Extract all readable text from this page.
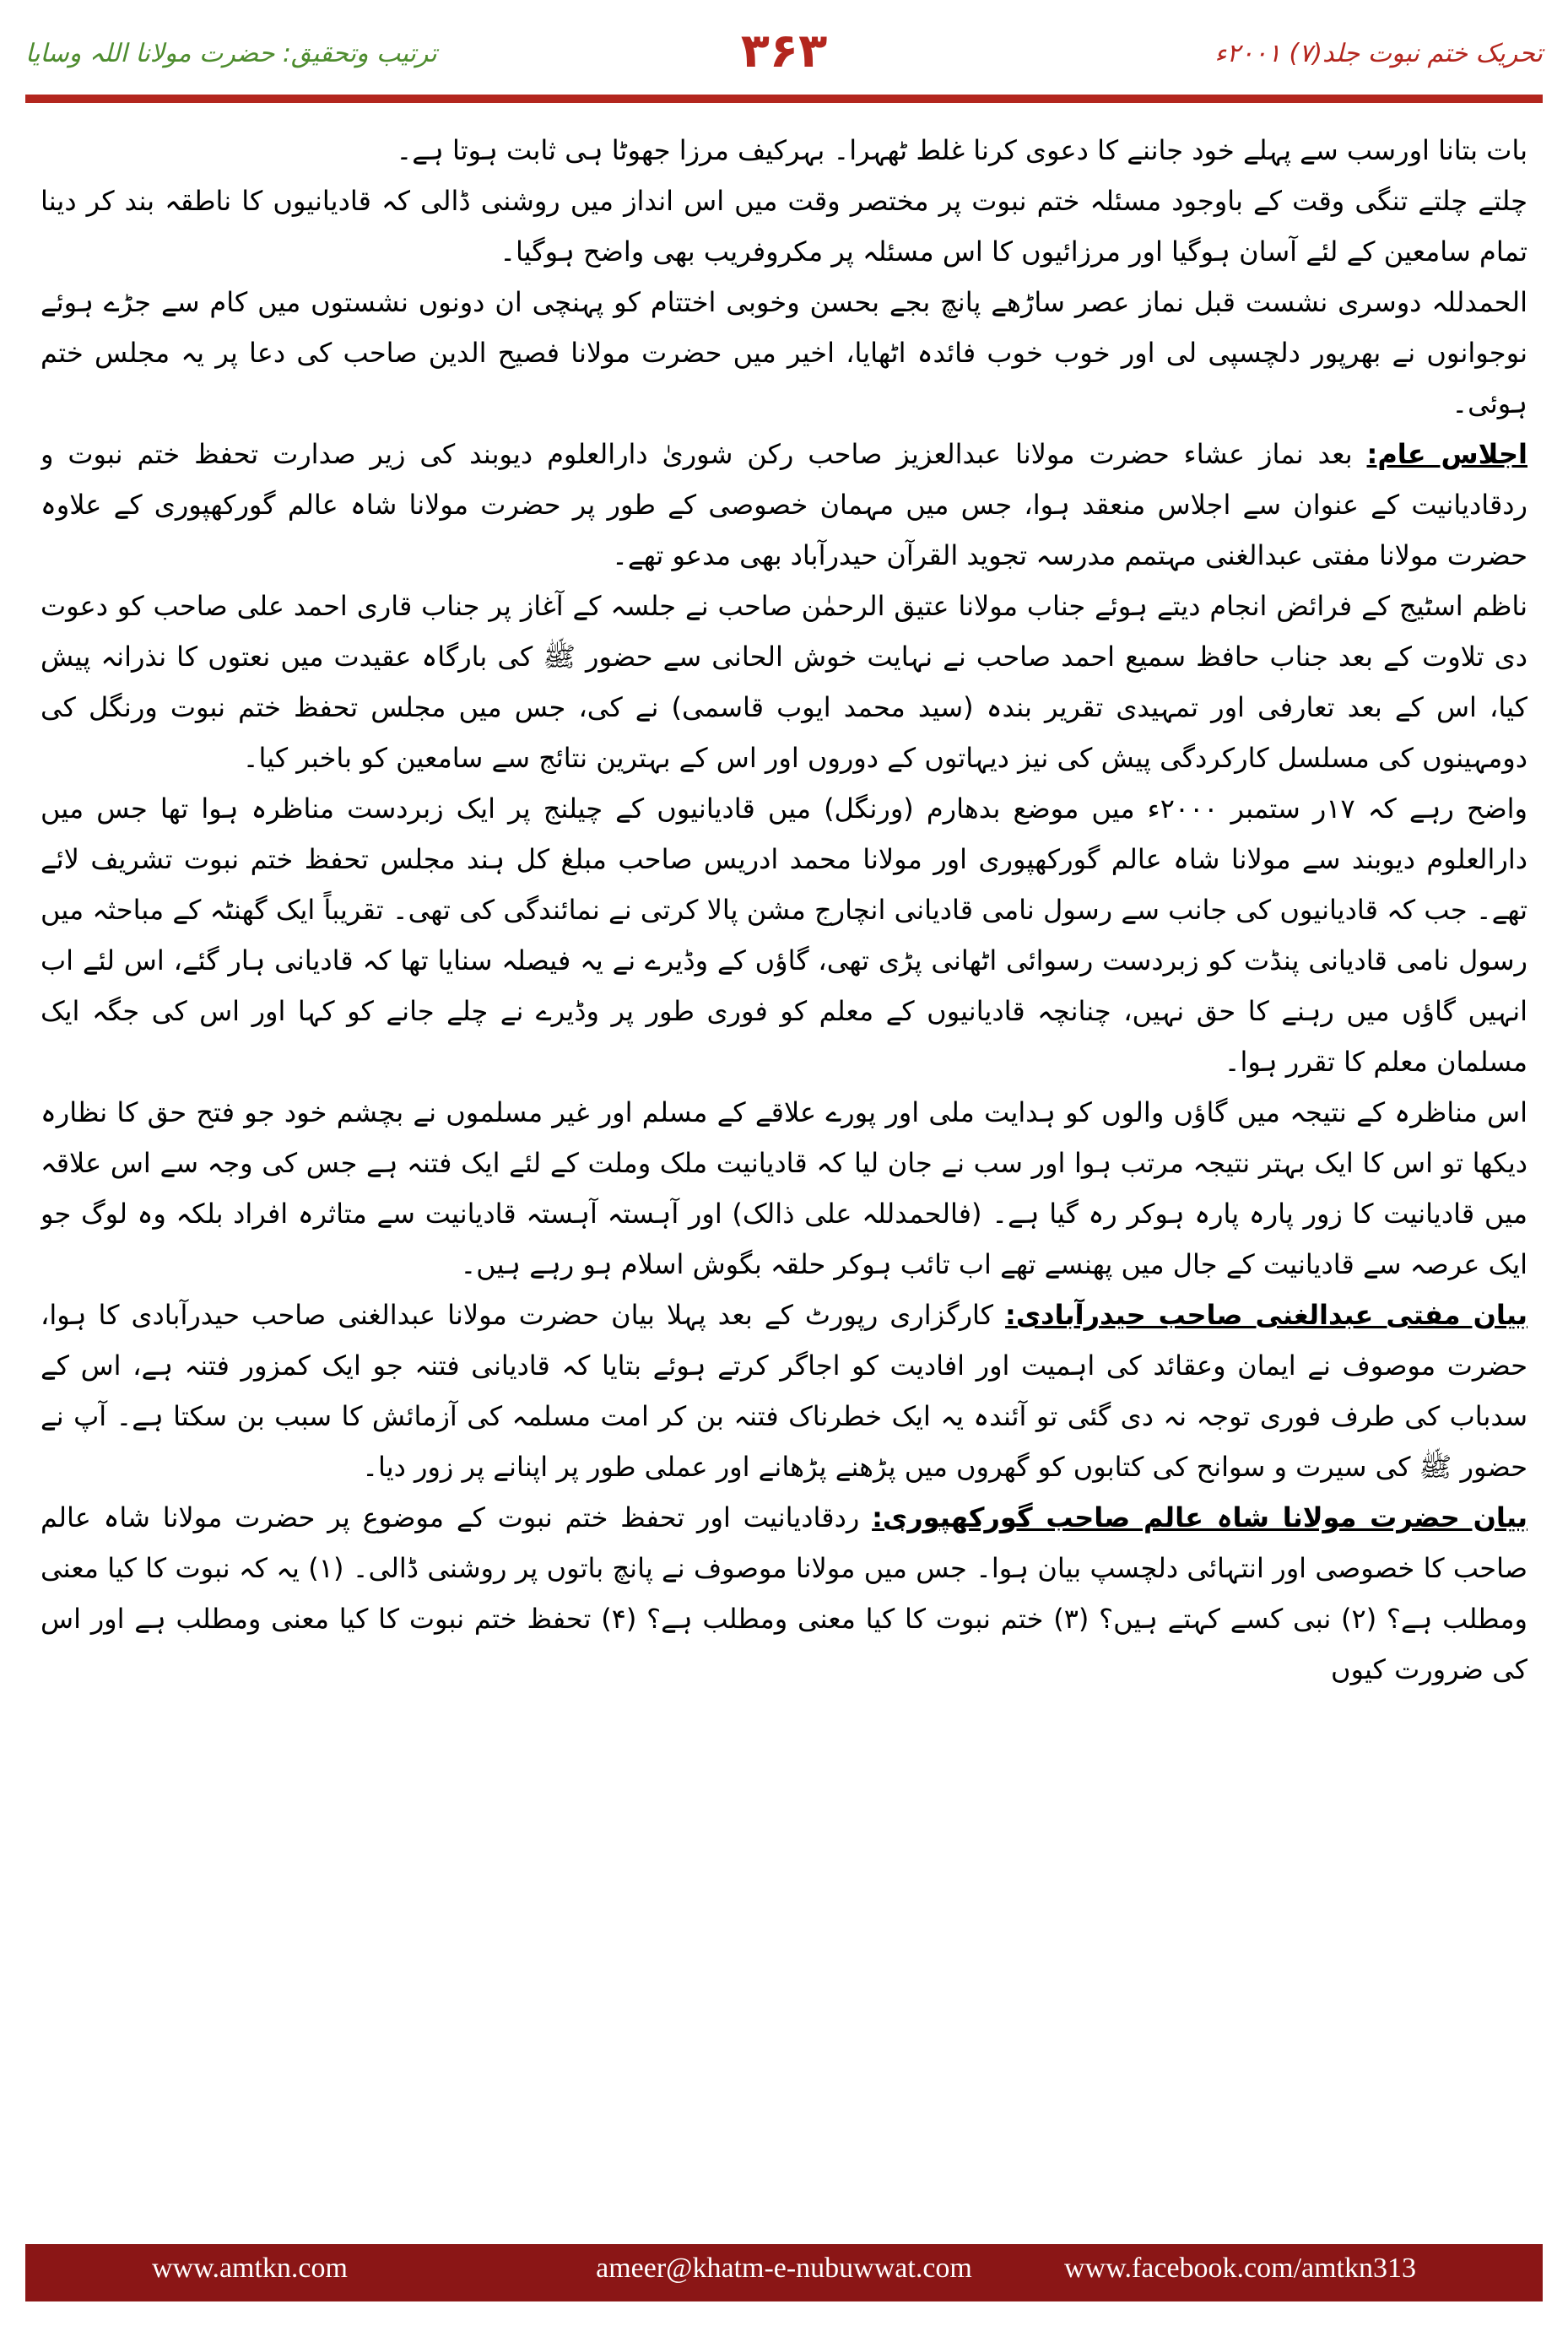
ترتیب وتحقیق: حضرت مولانا اللہ وسایا	۳۶۳	تحریک ختم نبوت جلد(۷) ۲۰۰۱ء

بات بتانا اورسب سے پہلے خود جاننے کا دعوی کرنا غلط ٹھہرا۔ بہرکیف مرزا جھوٹا ہی ثابت ہوتا ہے۔

چلتے چلتے تنگی وقت کے باوجود مسئلہ ختم نبوت پر مختصر وقت میں اس انداز میں روشنی ڈالی کہ قادیانیوں کا ناطقہ بند کر دینا تمام سامعین کے لئے آسان ہوگیا اور مرزائیوں کا اس مسئلہ پر مکروفریب بھی واضح ہوگیا۔

الحمدللہ دوسری نشست قبل نماز عصر ساڑھے پانچ بجے بحسن وخوبی اختتام کو پہنچی ان دونوں نشستوں میں کام سے جڑے ہوئے نوجوانوں نے بھرپور دلچسپی لی اور خوب خوب فائدہ اٹھایا، اخیر میں حضرت مولانا فصیح الدین صاحب کی دعا پر یہ مجلس ختم ہوئی۔

اجلاس عام: بعد نماز عشاء حضرت مولانا عبدالعزیز صاحب رکن شوریٰ دارالعلوم دیوبند کی زیر صدارت تحفظ ختم نبوت و ردقادیانیت کے عنوان سے اجلاس منعقد ہوا، جس میں مہمان خصوصی کے طور پر حضرت مولانا شاہ عالم گورکھپوری کے علاوہ حضرت مولانا مفتی عبدالغنی مہتمم مدرسہ تجوید القرآن حیدرآباد بھی مدعو تھے۔

ناظم اسٹیج کے فرائض انجام دیتے ہوئے جناب مولانا عتیق الرحمٰن صاحب نے جلسہ کے آغاز پر جناب قاری احمد علی صاحب کو دعوت دی تلاوت کے بعد جناب حافظ سمیع احمد صاحب نے نہایت خوش الحانی سے حضور ﷺ کی بارگاہ عقیدت میں نعتوں کا نذرانہ پیش کیا، اس کے بعد تعارفی اور تمہیدی تقریر بندہ (سید محمد ایوب قاسمی) نے کی، جس میں مجلس تحفظ ختم نبوت ورنگل کی دومہینوں کی مسلسل کارکردگی پیش کی نیز دیہاتوں کے دوروں اور اس کے بہترین نتائج سے سامعین کو باخبر کیا۔

واضح رہے کہ ۱۷ر ستمبر ۲۰۰۰ء میں موضع بدھارم (ورنگل) میں قادیانیوں کے چیلنج پر ایک زبردست مناظرہ ہوا تھا جس میں دارالعلوم دیوبند سے مولانا شاہ عالم گورکھپوری اور مولانا محمد ادریس صاحب مبلغ کل ہند مجلس تحفظ ختم نبوت تشریف لائے تھے۔ جب کہ قادیانیوں کی جانب سے رسول نامی قادیانی انچارج مشن پالا کرتی نے نمائندگی کی تھی۔ تقریباً ایک گھنٹہ کے مباحثہ میں رسول نامی قادیانی پنڈت کو زبردست رسوائی اٹھانی پڑی تھی، گاؤں کے وڈیرے نے یہ فیصلہ سنایا تھا کہ قادیانی ہار گئے، اس لئے اب انہیں گاؤں میں رہنے کا حق نہیں، چنانچہ قادیانیوں کے معلم کو فوری طور پر وڈیرے نے چلے جانے کو کہا اور اس کی جگہ ایک مسلمان معلم کا تقرر ہوا۔

اس مناظرہ کے نتیجہ میں گاؤں والوں کو ہدایت ملی اور پورے علاقے کے مسلم اور غیر مسلموں نے بچشم خود جو فتح حق کا نظارہ دیکھا تو اس کا ایک بہتر نتیجہ مرتب ہوا اور سب نے جان لیا کہ قادیانیت ملک وملت کے لئے ایک فتنہ ہے جس کی وجہ سے اس علاقہ میں قادیانیت کا زور پارہ پارہ ہوکر رہ گیا ہے۔ (فالحمدللہ علی ذالک) اور آہستہ آہستہ قادیانیت سے متاثرہ افراد بلکہ وہ لوگ جو ایک عرصہ سے قادیانیت کے جال میں پھنسے تھے اب تائب ہوکر حلقہ بگوش اسلام ہو رہے ہیں۔

بیان مفتی عبدالغنی صاحب حیدرآبادی: کارگزاری رپورٹ کے بعد پہلا بیان حضرت مولانا عبدالغنی صاحب حیدرآبادی کا ہوا، حضرت موصوف نے ایمان وعقائد کی اہمیت اور افادیت کو اجاگر کرتے ہوئے بتایا کہ قادیانی فتنہ جو ایک کمزور فتنہ ہے، اس کے سدباب کی طرف فوری توجہ نہ دی گئی تو آئندہ یہ ایک خطرناک فتنہ بن کر امت مسلمہ کی آزمائش کا سبب بن سکتا ہے۔ آپ نے حضور ﷺ کی سیرت و سوانح کی کتابوں کو گھروں میں پڑھنے پڑھانے اور عملی طور پر اپنانے پر زور دیا۔

بیان حضرت مولانا شاہ عالم صاحب گورکھپوری: ردقادیانیت اور تحفظ ختم نبوت کے موضوع پر حضرت مولانا شاہ عالم صاحب کا خصوصی اور انتہائی دلچسپ بیان ہوا۔ جس میں مولانا موصوف نے پانچ باتوں پر روشنی ڈالی۔ (۱) یہ کہ نبوت کا کیا معنی ومطلب ہے؟ (۲) نبی کسے کہتے ہیں؟ (۳) ختم نبوت کا کیا معنی ومطلب ہے؟ (۴) تحفظ ختم نبوت کا کیا معنی ومطلب ہے اور اس کی ضرورت کیوں

www.amtkn.com	ameer@khatm-e-nubuwwat.com	www.facebook.com/amtkn313
